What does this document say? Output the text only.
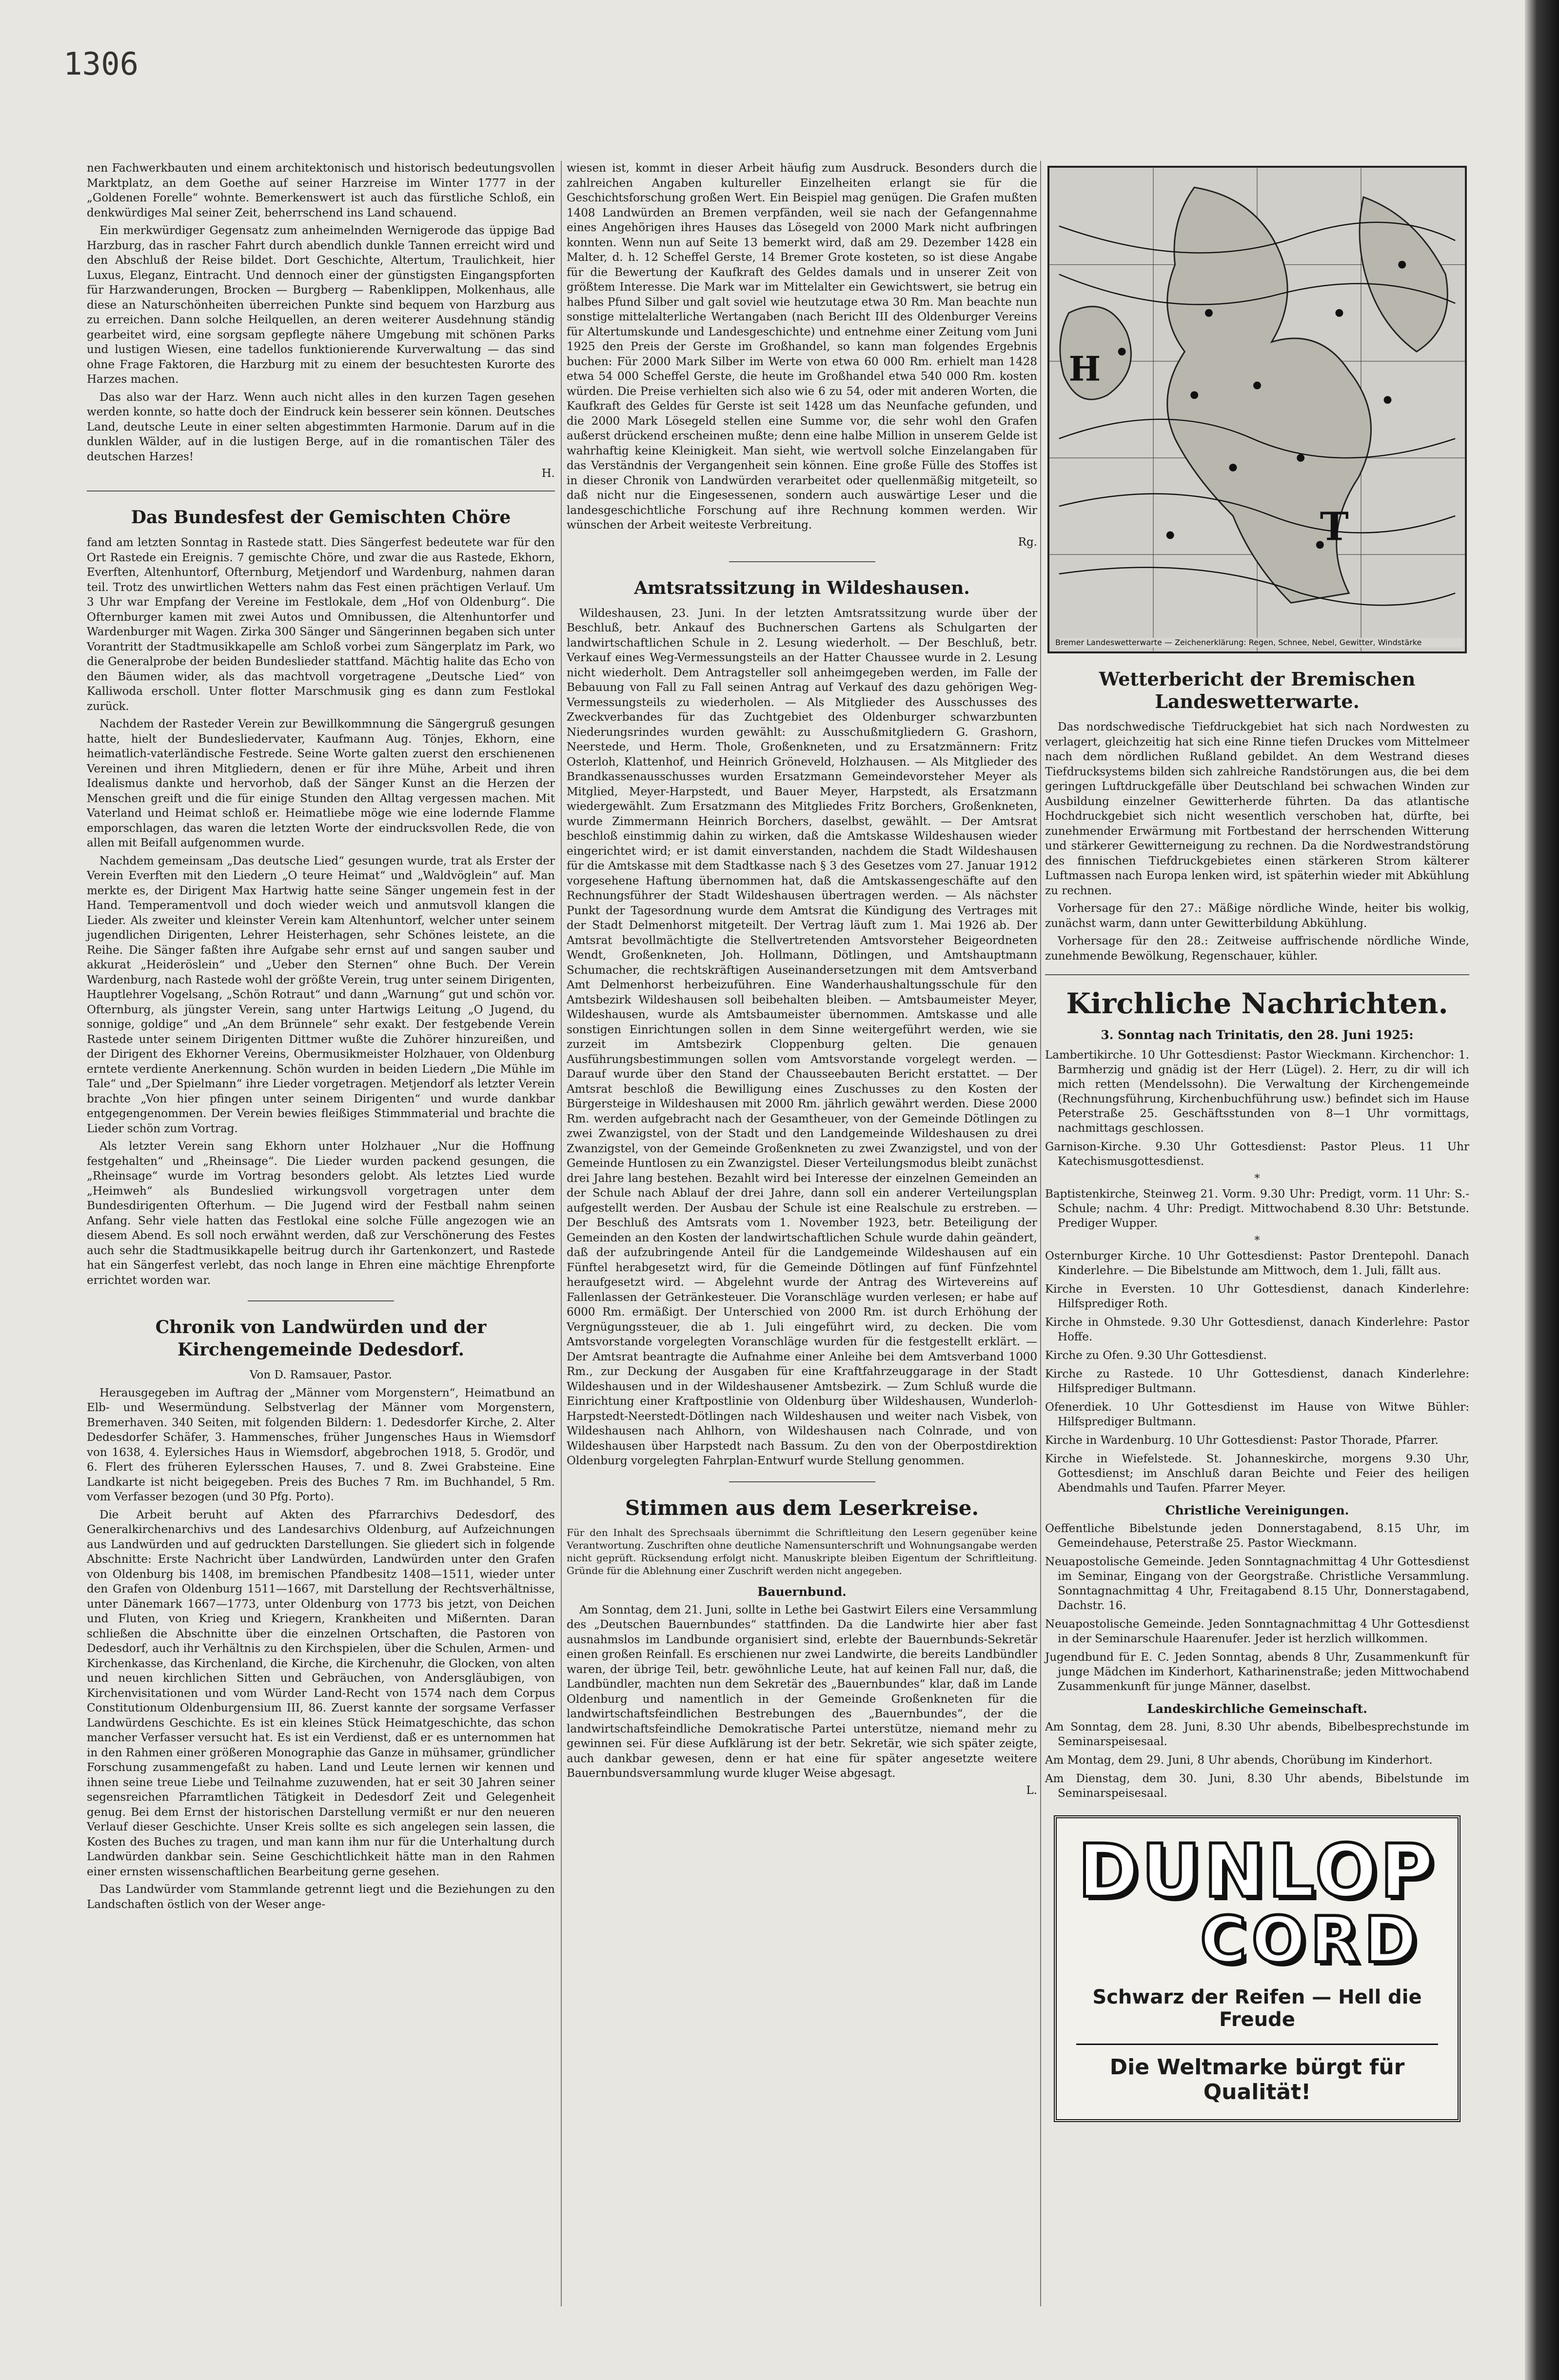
1306

nen Fachwerkbauten und einem architektonisch und historisch bedeutungsvollen Marktplatz, an dem Goethe auf seiner Harzreise im Winter 1777 in der „Goldenen Forelle“ wohnte. Bemerkenswert ist auch das fürstliche Schloß, ein denkwürdiges Mal seiner Zeit, beherrschend ins Land schauend.

Ein merkwürdiger Gegensatz zum anheimelnden Wernigerode das üppige Bad Harzburg, das in rascher Fahrt durch abendlich dunkle Tannen erreicht wird und den Abschluß der Reise bildet. Dort Geschichte, Altertum, Traulichkeit, hier Luxus, Eleganz, Eintracht. Und dennoch einer der günstigsten Eingangspforten für Harzwanderungen, Brocken — Burgberg — Rabenklippen, Molkenhaus, alle diese an Naturschönheiten überreichen Punkte sind bequem von Harzburg aus zu erreichen. Dann solche Heilquellen, an deren weiterer Ausdehnung ständig gearbeitet wird, eine sorgsam gepflegte nähere Umgebung mit schönen Parks und lustigen Wiesen, eine tadellos funktionierende Kurverwaltung — das sind ohne Frage Faktoren, die Harzburg mit zu einem der besuchtesten Kurorte des Harzes machen.

Das also war der Harz. Wenn auch nicht alles in den kurzen Tagen gesehen werden konnte, so hatte doch der Eindruck kein besserer sein können. Deutsches Land, deutsche Leute in einer selten abgestimmten Harmonie. Darum auf in die dunklen Wälder, auf in die lustigen Berge, auf in die romantischen Täler des deutschen Harzes!

H.
Das Bundesfest der Gemischten Chöre

fand am letzten Sonntag in Rastede statt. Dies Sängerfest bedeutete war für den Ort Rastede ein Ereignis. 7 gemischte Chöre, und zwar die aus Rastede, Ekhorn, Everften, Altenhuntorf, Ofternburg, Metjendorf und Wardenburg, nahmen daran teil. Trotz des unwirtlichen Wetters nahm das Fest einen prächtigen Verlauf. Um 3 Uhr war Empfang der Vereine im Festlokale, dem „Hof von Oldenburg“. Die Ofternburger kamen mit zwei Autos und Omnibussen, die Altenhuntorfer und Wardenburger mit Wagen. Zirka 300 Sänger und Sängerinnen begaben sich unter Vorantritt der Stadtmusikkapelle am Schloß vorbei zum Sängerplatz im Park, wo die Generalprobe der beiden Bundeslieder stattfand. Mächtig halite das Echo von den Bäumen wider, als das machtvoll vorgetragene „Deutsche Lied“ von Kalliwoda erscholl. Unter flotter Marschmusik ging es dann zum Festlokal zurück.

Nachdem der Rasteder Verein zur Bewillkommnung die Sängergruß gesungen hatte, hielt der Bundesliedervater, Kaufmann Aug. Tönjes, Ekhorn, eine heimatlich-vaterländische Festrede. Seine Worte galten zuerst den erschienenen Vereinen und ihren Mitgliedern, denen er für ihre Mühe, Arbeit und ihren Idealismus dankte und hervorhob, daß der Sänger Kunst an die Herzen der Menschen greift und die für einige Stunden den Alltag vergessen machen. Mit Vaterland und Heimat schloß er. Heimatliebe möge wie eine lodernde Flamme emporschlagen, das waren die letzten Worte der eindrucksvollen Rede, die von allen mit Beifall aufgenommen wurde.

Nachdem gemeinsam „Das deutsche Lied“ gesungen wurde, trat als Erster der Verein Everften mit den Liedern „O teure Heimat“ und „Waldvöglein“ auf. Man merkte es, der Dirigent Max Hartwig hatte seine Sänger ungemein fest in der Hand. Temperamentvoll und doch wieder weich und anmutsvoll klangen die Lieder. Als zweiter und kleinster Verein kam Altenhuntorf, welcher unter seinem jugendlichen Dirigenten, Lehrer Heisterhagen, sehr Schönes leistete, an die Reihe. Die Sänger faßten ihre Aufgabe sehr ernst auf und sangen sauber und akkurat „Heideröslein“ und „Ueber den Sternen“ ohne Buch. Der Verein Wardenburg, nach Rastede wohl der größte Verein, trug unter seinem Dirigenten, Hauptlehrer Vogelsang, „Schön Rotraut“ und dann „Warnung“ gut und schön vor. Ofternburg, als jüngster Verein, sang unter Hartwigs Leitung „O Jugend, du sonnige, goldige“ und „An dem Brünnele“ sehr exakt. Der festgebende Verein Rastede unter seinem Dirigenten Dittmer wußte die Zuhörer hinzureißen, und der Dirigent des Ekhorner Vereins, Obermusikmeister Holzhauer, von Oldenburg erntete verdiente Anerkennung. Schön wurden in beiden Liedern „Die Mühle im Tale“ und „Der Spielmann“ ihre Lieder vorgetragen. Metjendorf als letzter Verein brachte „Von hier pfingen unter seinem Dirigenten“ und wurde dankbar entgegengenommen. Der Verein bewies fleißiges Stimmmaterial und brachte die Lieder schön zum Vortrag.

Als letzter Verein sang Ekhorn unter Holzhauer „Nur die Hoffnung festgehalten“ und „Rheinsage“. Die Lieder wurden packend gesungen, die „Rheinsage“ wurde im Vortrag besonders gelobt. Als letztes Lied wurde „Heimweh“ als Bundeslied wirkungsvoll vorgetragen unter dem Bundesdirigenten Ofterhum. — Die Jugend wird der Festball nahm seinen Anfang. Sehr viele hatten das Festlokal eine solche Fülle angezogen wie an diesem Abend. Es soll noch erwähnt werden, daß zur Verschönerung des Festes auch sehr die Stadtmusikkapelle beitrug durch ihr Gartenkonzert, und Rastede hat ein Sängerfest verlebt, das noch lange in Ehren eine mächtige Ehrenpforte errichtet worden war.

Chronik von Landwürden und der Kirchengemeinde Dedesdorf.

Von D. Ramsauer, Pastor.

Herausgegeben im Auftrag der „Männer vom Morgenstern“, Heimatbund an Elb- und Wesermündung. Selbstverlag der Männer vom Morgenstern, Bremerhaven. 340 Seiten, mit folgenden Bildern: 1. Dedesdorfer Kirche, 2. Alter Dedesdorfer Schäfer, 3. Hammensches, früher Jungensches Haus in Wiemsdorf von 1638, 4. Eylersiches Haus in Wiemsdorf, abgebrochen 1918, 5. Grodör, und 6. Flert des früheren Eylersschen Hauses, 7. und 8. Zwei Grabsteine. Eine Landkarte ist nicht beigegeben. Preis des Buches 7 Rm. im Buchhandel, 5 Rm. vom Verfasser bezogen (und 30 Pfg. Porto).

Die Arbeit beruht auf Akten des Pfarrarchivs Dedesdorf, des Generalkirchenarchivs und des Landesarchivs Oldenburg, auf Aufzeichnungen aus Landwürden und auf gedruckten Darstellungen. Sie gliedert sich in folgende Abschnitte: Erste Nachricht über Landwürden, Landwürden unter den Grafen von Oldenburg bis 1408, im bremischen Pfandbesitz 1408—1511, wieder unter den Grafen von Oldenburg 1511—1667, mit Darstellung der Rechtsverhältnisse, unter Dänemark 1667—1773, unter Oldenburg von 1773 bis jetzt, von Deichen und Fluten, von Krieg und Kriegern, Krankheiten und Mißernten. Daran schließen die Abschnitte über die einzelnen Ortschaften, die Pastoren von Dedesdorf, auch ihr Verhältnis zu den Kirchspielen, über die Schulen, Armen- und Kirchenkasse, das Kirchenland, die Kirche, die Kirchenuhr, die Glocken, von alten und neuen kirchlichen Sitten und Gebräuchen, von Andersgläubigen, von Kirchenvisitationen und vom Würder Land-Recht von 1574 nach dem Corpus Constitutionum Oldenburgensium III, 86. Zuerst kannte der sorgsame Verfasser Landwürdens Geschichte. Es ist ein kleines Stück Heimatgeschichte, das schon mancher Verfasser versucht hat. Es ist ein Verdienst, daß er es unternommen hat in den Rahmen einer größeren Monographie das Ganze in mühsamer, gründlicher Forschung zusammengefaßt zu haben. Land und Leute lernen wir kennen und ihnen seine treue Liebe und Teilnahme zuzuwenden, hat er seit 30 Jahren seiner segensreichen Pfarramtlichen Tätigkeit in Dedesdorf Zeit und Gelegenheit genug. Bei dem Ernst der historischen Darstellung vermißt er nur den neueren Verlauf dieser Geschichte. Unser Kreis sollte es sich angelegen sein lassen, die Kosten des Buches zu tragen, und man kann ihm nur für die Unterhaltung durch Landwürden dankbar sein. Seine Geschichtlichkeit hätte man in den Rahmen einer ernsten wissenschaftlichen Bearbeitung gerne gesehen.

Das Landwürder vom Stammlande getrennt liegt und die Beziehungen zu den Landschaften östlich von der Weser ange-

wiesen ist, kommt in dieser Arbeit häufig zum Ausdruck. Besonders durch die zahlreichen Angaben kultureller Einzelheiten erlangt sie für die Geschichtsforschung großen Wert. Ein Beispiel mag genügen. Die Grafen mußten 1408 Landwürden an Bremen verpfänden, weil sie nach der Gefangennahme eines Angehörigen ihres Hauses das Lösegeld von 2000 Mark nicht aufbringen konnten. Wenn nun auf Seite 13 bemerkt wird, daß am 29. Dezember 1428 ein Malter, d. h. 12 Scheffel Gerste, 14 Bremer Grote kosteten, so ist diese Angabe für die Bewertung der Kaufkraft des Geldes damals und in unserer Zeit von größtem Interesse. Die Mark war im Mittelalter ein Gewichtswert, sie betrug ein halbes Pfund Silber und galt soviel wie heutzutage etwa 30 Rm. Man beachte nun sonstige mittelalterliche Wertangaben (nach Bericht III des Oldenburger Vereins für Altertumskunde und Landesgeschichte) und entnehme einer Zeitung vom Juni 1925 den Preis der Gerste im Großhandel, so kann man folgendes Ergebnis buchen: Für 2000 Mark Silber im Werte von etwa 60 000 Rm. erhielt man 1428 etwa 54 000 Scheffel Gerste, die heute im Großhandel etwa 540 000 Rm. kosten würden. Die Preise verhielten sich also wie 6 zu 54, oder mit anderen Worten, die Kaufkraft des Geldes für Gerste ist seit 1428 um das Neunfache gefunden, und die 2000 Mark Lösegeld stellen eine Summe vor, die sehr wohl den Grafen außerst drückend erscheinen mußte; denn eine halbe Million in unserem Gelde ist wahrhaftig keine Kleinigkeit. Man sieht, wie wertvoll solche Einzelangaben für das Verständnis der Vergangenheit sein können. Eine große Fülle des Stoffes ist in dieser Chronik von Landwürden verarbeitet oder quellenmäßig mitgeteilt, so daß nicht nur die Eingesessenen, sondern auch auswärtige Leser und die landesgeschichtliche Forschung auf ihre Rechnung kommen werden. Wir wünschen der Arbeit weiteste Verbreitung.

Rg.
Amtsratssitzung in Wildeshausen.

Wildeshausen, 23. Juni. In der letzten Amtsratssitzung wurde über der Beschluß, betr. Ankauf des Buchnerschen Gartens als Schulgarten der landwirtschaftlichen Schule in 2. Lesung wiederholt. — Der Beschluß, betr. Verkauf eines Weg-Vermessungsteils an der Hatter Chaussee wurde in 2. Lesung nicht wiederholt. Dem Antragsteller soll anheimgegeben werden, im Falle der Bebauung von Fall zu Fall seinen Antrag auf Verkauf des dazu gehörigen Weg-Vermessungsteils zu wiederholen. — Als Mitglieder des Ausschusses des Zweckverbandes für das Zuchtgebiet des Oldenburger schwarzbunten Niederungsrindes wurden gewählt: zu Ausschußmitgliedern G. Grashorn, Neerstede, und Herm. Thole, Großenkneten, und zu Ersatzmännern: Fritz Osterloh, Klattenhof, und Heinrich Gröneveld, Holzhausen. — Als Mitglieder des Brandkassenausschusses wurden Ersatzmann Gemeindevorsteher Meyer als Mitglied, Meyer-Harpstedt, und Bauer Meyer, Harpstedt, als Ersatzmann wiedergewählt. Zum Ersatzmann des Mitgliedes Fritz Borchers, Großenkneten, wurde Zimmermann Heinrich Borchers, daselbst, gewählt. — Der Amtsrat beschloß einstimmig dahin zu wirken, daß die Amtskasse Wildeshausen wieder eingerichtet wird; er ist damit einverstanden, nachdem die Stadt Wildeshausen für die Amtskasse mit dem Stadtkasse nach § 3 des Gesetzes vom 27. Januar 1912 vorgesehene Haftung übernommen hat, daß die Amtskassengeschäfte auf den Rechnungsführer der Stadt Wildeshausen übertragen werden. — Als nächster Punkt der Tagesordnung wurde dem Amtsrat die Kündigung des Vertrages mit der Stadt Delmenhorst mitgeteilt. Der Vertrag läuft zum 1. Mai 1926 ab. Der Amtsrat bevollmächtigte die Stellvertretenden Amtsvorsteher Beigeordneten Wendt, Großenkneten, Joh. Hollmann, Dötlingen, und Amtshauptmann Schumacher, die rechtskräftigen Auseinandersetzungen mit dem Amtsverband Amt Delmenhorst herbeizuführen. Eine Wanderhaushaltungsschule für den Amtsbezirk Wildeshausen soll beibehalten bleiben. — Amtsbaumeister Meyer, Wildeshausen, wurde als Amtsbaumeister übernommen. Amtskasse und alle sonstigen Einrichtungen sollen in dem Sinne weitergeführt werden, wie sie zurzeit im Amtsbezirk Cloppenburg gelten. Die genauen Ausführungsbestimmungen sollen vom Amtsvorstande vorgelegt werden. — Darauf wurde über den Stand der Chausseebauten Bericht erstattet. — Der Amtsrat beschloß die Bewilligung eines Zuschusses zu den Kosten der Bürgersteige in Wildeshausen mit 2000 Rm. jährlich gewährt werden. Diese 2000 Rm. werden aufgebracht nach der Gesamtheuer, von der Gemeinde Dötlingen zu zwei Zwanzigstel, von der Stadt und den Landgemeinde Wildeshausen zu drei Zwanzigstel, von der Gemeinde Großenkneten zu zwei Zwanzigstel, und von der Gemeinde Huntlosen zu ein Zwanzigstel. Dieser Verteilungsmodus bleibt zunächst drei Jahre lang bestehen. Bezahlt wird bei Interesse der einzelnen Gemeinden an der Schule nach Ablauf der drei Jahre, dann soll ein anderer Verteilungsplan aufgestellt werden. Der Ausbau der Schule ist eine Realschule zu erstreben. — Der Beschluß des Amtsrats vom 1. November 1923, betr. Beteiligung der Gemeinden an den Kosten der landwirtschaftlichen Schule wurde dahin geändert, daß der aufzubringende Anteil für die Landgemeinde Wildeshausen auf ein Fünftel herabgesetzt wird, für die Gemeinde Dötlingen auf fünf Fünfzehntel heraufgesetzt wird. — Abgelehnt wurde der Antrag des Wirtevereins auf Fallenlassen der Getränkesteuer. Die Voranschläge wurden verlesen; er habe auf 6000 Rm. ermäßigt. Der Unterschied von 2000 Rm. ist durch Erhöhung der Vergnügungssteuer, die ab 1. Juli eingeführt wird, zu decken. Die vom Amtsvorstande vorgelegten Voranschläge wurden für die festgestellt erklärt. — Der Amtsrat beantragte die Aufnahme einer Anleihe bei dem Amtsverband 1000 Rm., zur Deckung der Ausgaben für eine Kraftfahrzeuggarage in der Stadt Wildeshausen und in der Wildeshausener Amtsbezirk. — Zum Schluß wurde die Einrichtung einer Kraftpostlinie von Oldenburg über Wildeshausen, Wunderloh-Harpstedt-Neerstedt-Dötlingen nach Wildeshausen und weiter nach Visbek, von Wildeshausen nach Ahlhorn, von Wildeshausen nach Colnrade, und von Wildeshausen über Harpstedt nach Bassum. Zu den von der Oberpostdirektion Oldenburg vorgelegten Fahrplan-Entwurf wurde Stellung genommen.

Stimmen aus dem Leserkreise.

Für den Inhalt des Sprechsaals übernimmt die Schriftleitung den Lesern gegenüber keine Verantwortung. Zuschriften ohne deutliche Namensunterschrift und Wohnungsangabe werden nicht geprüft. Rücksendung erfolgt nicht. Manuskripte bleiben Eigentum der Schriftleitung. Gründe für die Ablehnung einer Zuschrift werden nicht angegeben.

Bauernbund.

Am Sonntag, dem 21. Juni, sollte in Lethe bei Gastwirt Eilers eine Versammlung des „Deutschen Bauernbundes“ stattfinden. Da die Landwirte hier aber fast ausnahmslos im Landbunde organisiert sind, erlebte der Bauernbunds-Sekretär einen großen Reinfall. Es erschienen nur zwei Landwirte, die bereits Landbündler waren, der übrige Teil, betr. gewöhnliche Leute, hat auf keinen Fall nur, daß, die Landbündler, machten nun dem Sekretär des „Bauernbundes“ klar, daß im Lande Oldenburg und namentlich in der Gemeinde Großenkneten für die landwirtschaftsfeindlichen Bestrebungen des „Bauernbundes“, der die landwirtschaftsfeindliche Demokratische Partei unterstütze, niemand mehr zu gewinnen sei. Für diese Aufklärung ist der betr. Sekretär, wie sich später zeigte, auch dankbar gewesen, denn er hat eine für später angesetzte weitere Bauernbundsversammlung wurde kluger Weise abgesagt.

L.
H
T
Bremer Landeswetterwarte — Zeichenerklärung: Regen, Schnee, Nebel, Gewitter, Windstärke
Wetterbericht der Bremischen Landeswetterwarte.

Das nordschwedische Tiefdruckgebiet hat sich nach Nordwesten zu verlagert, gleichzeitig hat sich eine Rinne tiefen Druckes vom Mittelmeer nach dem nördlichen Rußland gebildet. An dem Westrand dieses Tiefdrucksystems bilden sich zahlreiche Randstörungen aus, die bei dem geringen Luftdruckgefälle über Deutschland bei schwachen Winden zur Ausbildung einzelner Gewitterherde führten. Da das atlantische Hochdruckgebiet sich nicht wesentlich verschoben hat, dürfte, bei zunehmender Erwärmung mit Fortbestand der herrschenden Witterung und stärkerer Gewitterneigung zu rechnen. Da die Nordwestrandstörung des finnischen Tiefdruckgebietes einen stärkeren Strom kälterer Luftmassen nach Europa lenken wird, ist späterhin wieder mit Abkühlung zu rechnen.

Vorhersage für den 27.: Mäßige nördliche Winde, heiter bis wolkig, zunächst warm, dann unter Gewitterbildung Abkühlung.

Vorhersage für den 28.: Zeitweise auffrischende nördliche Winde, zunehmende Bewölkung, Regenschauer, kühler.

Kirchliche Nachrichten.
3. Sonntag nach Trinitatis, den 28. Juni 1925:

Lambertikirche. 10 Uhr Gottesdienst: Pastor Wieckmann. Kirchenchor: 1. Barmherzig und gnädig ist der Herr (Lügel). 2. Herr, zu dir will ich mich retten (Mendelssohn). Die Verwaltung der Kirchengemeinde (Rechnungsführung, Kirchenbuchführung usw.) befindet sich im Hause Peterstraße 25. Geschäftsstunden von 8—1 Uhr vormittags, nachmittags geschlossen.

Garnison-Kirche. 9.30 Uhr Gottesdienst: Pastor Pleus. 11 Uhr Katechismusgottesdienst.

*

Baptistenkirche, Steinweg 21. Vorm. 9.30 Uhr: Predigt, vorm. 11 Uhr: S.-Schule; nachm. 4 Uhr: Predigt. Mittwochabend 8.30 Uhr: Betstunde. Prediger Wupper.

*

Osternburger Kirche. 10 Uhr Gottesdienst: Pastor Drentepohl. Danach Kinderlehre. — Die Bibelstunde am Mittwoch, dem 1. Juli, fällt aus.

Kirche in Eversten. 10 Uhr Gottesdienst, danach Kinderlehre: Hilfsprediger Roth.

Kirche in Ohmstede. 9.30 Uhr Gottesdienst, danach Kinderlehre: Pastor Hoffe.

Kirche zu Ofen. 9.30 Uhr Gottesdienst.

Kirche zu Rastede. 10 Uhr Gottesdienst, danach Kinderlehre: Hilfsprediger Bultmann.

Ofenerdiek. 10 Uhr Gottesdienst im Hause von Witwe Bühler: Hilfsprediger Bultmann.

Kirche in Wardenburg. 10 Uhr Gottesdienst: Pastor Thorade, Pfarrer.

Kirche in Wiefelstede. St. Johanneskirche, morgens 9.30 Uhr, Gottesdienst; im Anschluß daran Beichte und Feier des heiligen Abendmahls und Taufen. Pfarrer Meyer.

Christliche Vereinigungen.

Oeffentliche Bibelstunde jeden Donnerstagabend, 8.15 Uhr, im Gemeindehause, Peterstraße 25. Pastor Wieckmann.

Neuapostolische Gemeinde. Jeden Sonntagnachmittag 4 Uhr Gottesdienst im Seminar, Eingang von der Georgstraße. Christliche Versammlung. Sonntagnachmittag 4 Uhr, Freitagabend 8.15 Uhr, Donnerstagabend, Dachstr. 16.

Neuapostolische Gemeinde. Jeden Sonntagnachmittag 4 Uhr Gottesdienst in der Seminarschule Haarenufer. Jeder ist herzlich willkommen.

Jugendbund für E. C. Jeden Sonntag, abends 8 Uhr, Zusammenkunft für junge Mädchen im Kinderhort, Katharinenstraße; jeden Mittwochabend Zusammenkunft für junge Männer, daselbst.

Landeskirchliche Gemeinschaft.

Am Sonntag, dem 28. Juni, 8.30 Uhr abends, Bibelbesprechstunde im Seminarspeisesaal.

Am Montag, dem 29. Juni, 8 Uhr abends, Chorübung im Kinderhort.

Am Dienstag, dem 30. Juni, 8.30 Uhr abends, Bibelstunde im Seminarspeisesaal.

DUNLOP
CORD
Schwarz der Reifen — Hell die Freude
Die Weltmarke bürgt für Qualität!
